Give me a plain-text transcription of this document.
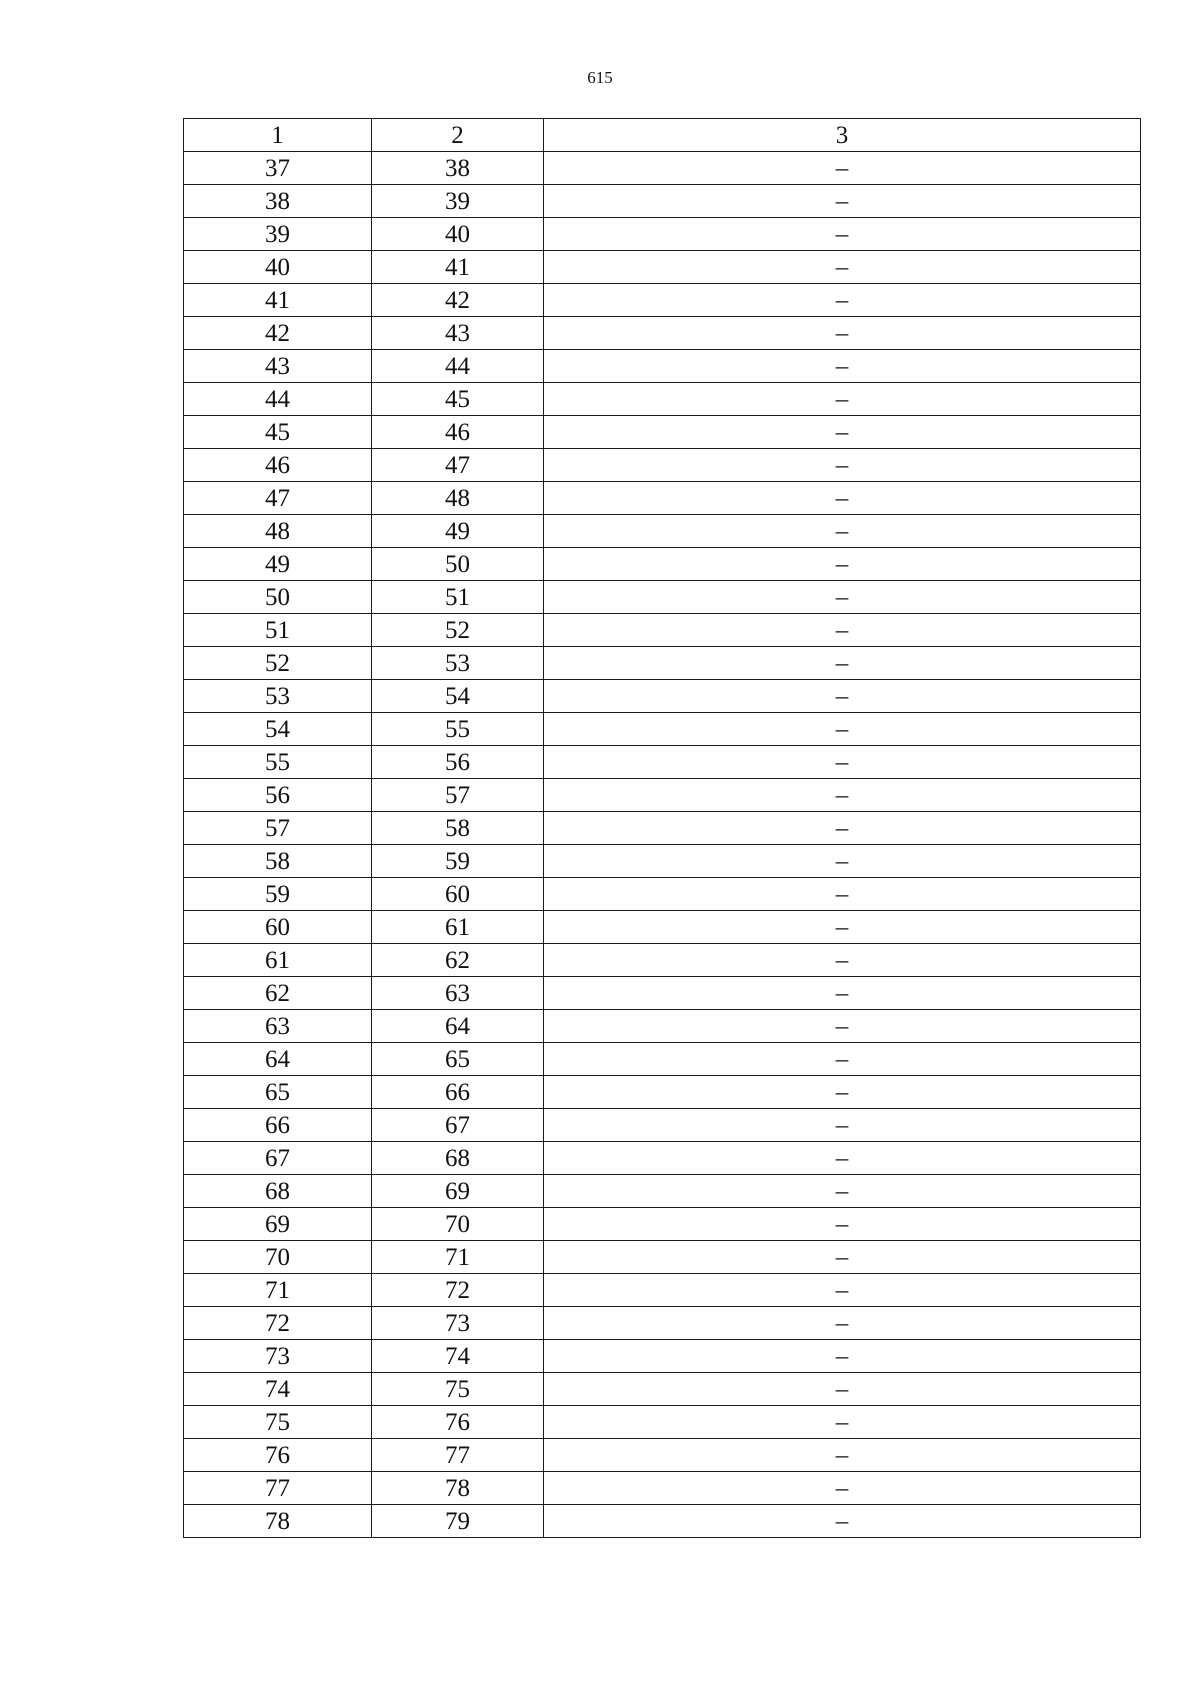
615
1	2	3
37	38	–
38	39	–
39	40	–
40	41	–
41	42	–
42	43	–
43	44	–
44	45	–
45	46	–
46	47	–
47	48	–
48	49	–
49	50	–
50	51	–
51	52	–
52	53	–
53	54	–
54	55	–
55	56	–
56	57	–
57	58	–
58	59	–
59	60	–
60	61	–
61	62	–
62	63	–
63	64	–
64	65	–
65	66	–
66	67	–
67	68	–
68	69	–
69	70	–
70	71	–
71	72	–
72	73	–
73	74	–
74	75	–
75	76	–
76	77	–
77	78	–
78	79	–
